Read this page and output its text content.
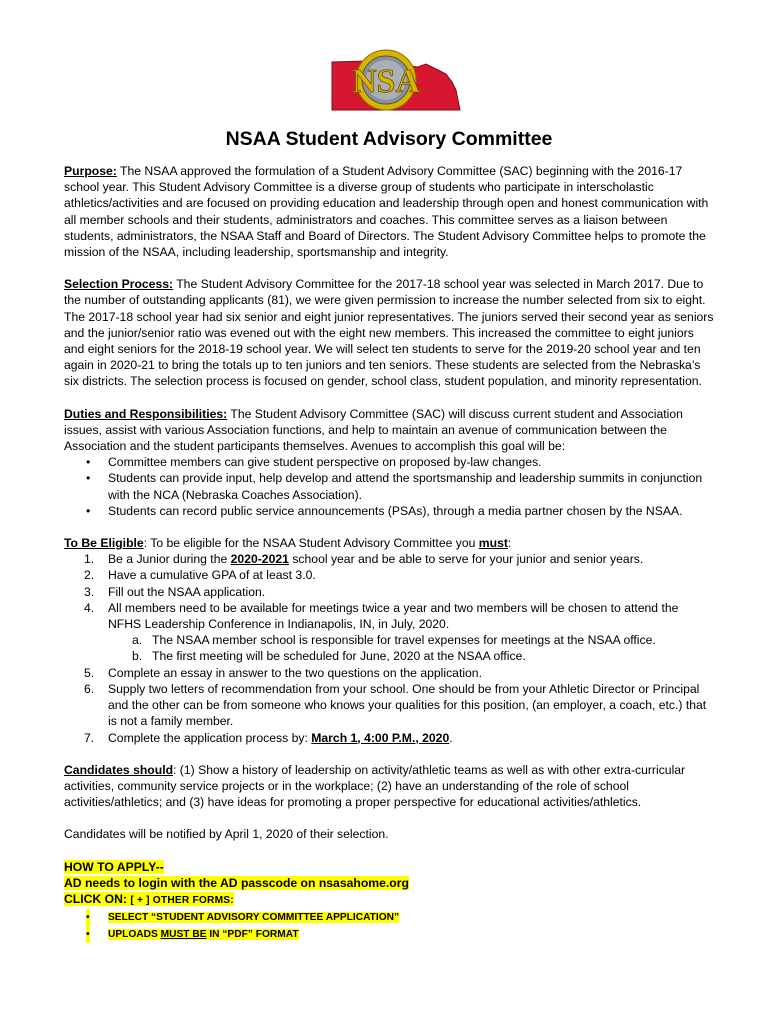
NSA
NSAA Student Advisory Committee

Purpose: The NSAA approved the formulation of a Student Advisory Committee (SAC) beginning with the 2016-17 school year. This Student Advisory Committee is a diverse group of students who participate in interscholastic athletics/activities and are focused on providing education and leadership through open and honest communication with all member schools and their students, administrators and coaches. This committee serves as a liaison between students, administrators, the NSAA Staff and Board of Directors. The Student Advisory Committee helps to promote the mission of the NSAA, including leadership, sportsmanship and integrity.

Selection Process: The Student Advisory Committee for the 2017-18 school year was selected in March 2017. Due to the number of outstanding applicants (81), we were given permission to increase the number selected from six to eight. The 2017-18 school year had six senior and eight junior representatives. The juniors served their second year as seniors and the junior/senior ratio was evened out with the eight new members. This increased the committee to eight juniors and eight seniors for the 2018-19 school year. We will select ten students to serve for the 2019-20 school year and ten again in 2020-21 to bring the totals up to ten juniors and ten seniors. These students are selected from the Nebraska’s six districts. The selection process is focused on gender, school class, student population, and minority representation.

Duties and Responsibilities: The Student Advisory Committee (SAC) will discuss current student and Association issues, assist with various Association functions, and help to maintain an avenue of communication between the Association and the student participants themselves. Avenues to accomplish this goal will be:

• Committee members can give student perspective on proposed by-law changes.
• Students can provide input, help develop and attend the sportsmanship and leadership summits in conjunction with the NCA (Nebraska Coaches Association).
• Students can record public service announcements (PSAs), through a media partner chosen by the NSAA.

To Be Eligible: To be eligible for the NSAA Student Advisory Committee you must:

1. Be a Junior during the 2020-2021 school year and be able to serve for your junior and senior years.
2. Have a cumulative GPA of at least 3.0.
3. Fill out the NSAA application.
4. All members need to be available for meetings twice a year and two members will be chosen to attend the NFHS Leadership Conference in Indianapolis, IN, in July, 2020.
a. The NSAA member school is responsible for travel expenses for meetings at the NSAA office.
b. The first meeting will be scheduled for June, 2020 at the NSAA office.
5. Complete an essay in answer to the two questions on the application.
6. Supply two letters of recommendation from your school. One should be from your Athletic Director or Principal and the other can be from someone who knows your qualities for this position, (an employer, a coach, etc.) that is not a family member.
7. Complete the application process by: March 1, 4:00 P.M., 2020.

Candidates should: (1) Show a history of leadership on activity/athletic teams as well as with other extra-curricular activities, community service projects or in the workplace; (2) have an understanding of the role of school activities/athletics; and (3) have ideas for promoting a proper perspective for educational activities/athletics.

Candidates will be notified by April 1, 2020 of their selection.

HOW TO APPLY--

AD needs to login with the AD passcode on nsasahome.org

CLICK ON: [ + ] OTHER FORMS:

• SELECT “STUDENT ADVISORY COMMITTEE APPLICATION”
• UPLOADS MUST BE IN “PDF” FORMAT
